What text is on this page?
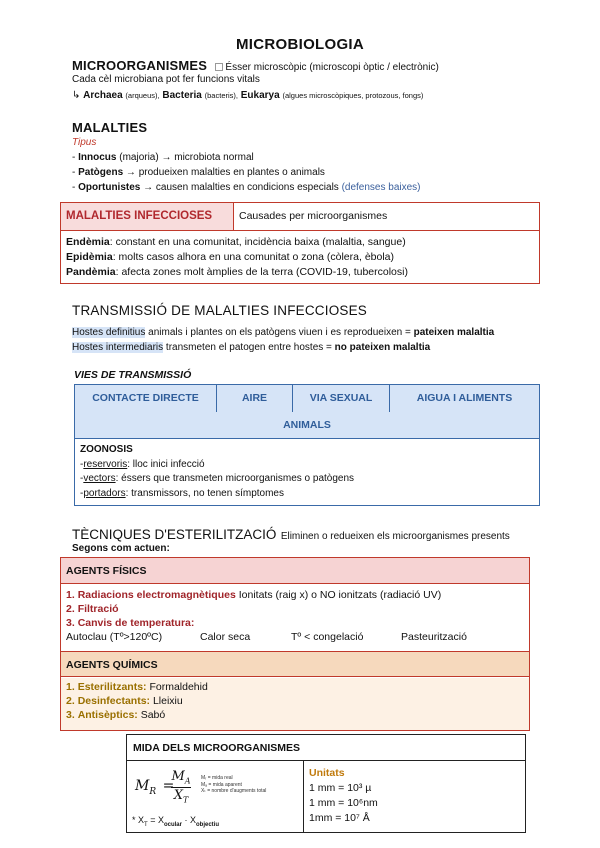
MICROBIOLOGIA
MICROORGANISMES Ésser microscòpic (microscopi òptic / electrònic)
Cada cèl microbiana pot fer funcions vitals
↳ Archaea (arqueus), Bacteria (bacteris), Eukarya (algues microscòpiques, protozous, fongs)
MALALTIES
Tipus
- Innocus (majoria) → microbiota normal
- Patògens → produeixen malalties en plantes o animals
- Oportunistes → causen malalties en condicions especials (defenses baixes)
MALALTIES INFECCIOSES	Causades per microorganismes
Endèmia: constant en una comunitat, incidència baixa (malaltia, sangue)
Epidèmia: molts casos alhora en una comunitat o zona (còlera, èbola)
Pandèmia: afecta zones molt àmplies de la terra (COVID-19, tubercolosi)
TRANSMISSIÓ DE MALALTIES INFECCIOSES
Hostes definitius animals i plantes on els patògens viuen i es reprodueixen = pateixen malaltia
Hostes intermediaris transmeten el patogen entre hostes = no pateixen malaltia
VIES DE TRANSMISSIÓ
CONTACTE DIRECTE	AIRE	VIA SEXUAL	AIGUA I ALIMENTS
ANIMALS
ZOONOSIS
-reservoris: lloc inici infecció
-vectors: éssers que transmeten microorganismes o patògens
-portadors: transmissors, no tenen símptomes
TÈCNIQUES D'ESTERILITZACIÓ Eliminen o redueixen els microorganismes presents
Segons com actuen:
AGENTS FÍSICS
1. Radiacions electromagnètiques Ionitats (raig x) o NO ionitzats (radiació UV)
2. Filtració
3. Canvis de temperatura:
Autoclau (Tº>120ºC)	Calor seca	Tº < congelació	Pasteurització
AGENTS QUÍMICS
1. Esterilitzants: Formaldehid
2. Desinfectants: Lleixiu
3. Antisèptics: Sabó
MIDA DELS MICROORGANISMES
$M_R$ =
$\frac{M_A}{X_T}$ Mᵣ = mida real
Mₐ = mida aparent
Xₜ = nombre d'augments total
* $X_T = X_{ocular} \cdot X_{objectiu}$
Unitats
1 mm = 10³ µ
1 mm = 10⁶nm
1mm = 10⁷ Å
